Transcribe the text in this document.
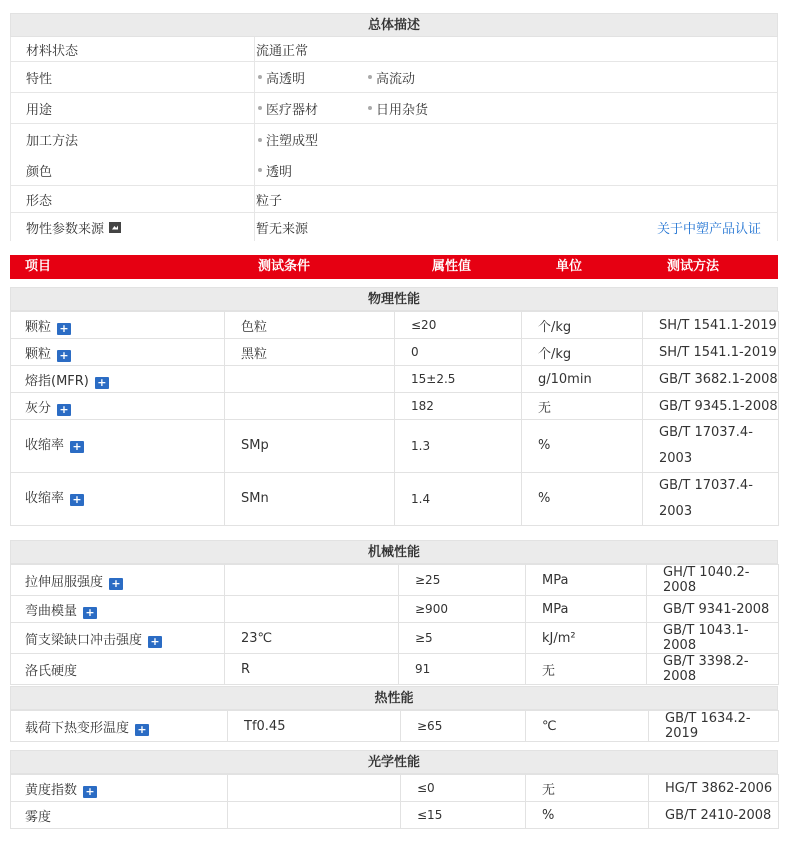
总体描述
材料状态	流通正常
特性	高透明	高流动
用途	医疗器材	日用杂货
加工方法	注塑成型
颜色	透明
形态	粒子
物性参数来源	暂无来源	关于中塑产品认证
项目	测试条件	属性值	单位	测试方法
物理性能
颗粒+	色粒	≤20	个/kg	SH/T 1541.1-2019
颗粒+	黑粒	0	个/kg	SH/T 1541.1-2019
熔指(MFR)+		15±2.5	g/10min	GB/T 3682.1-2008
灰分+		182	无	GB/T 9345.1-2008
收缩率+	SMp	1.3	%	GB/T 17037.4-2003
收缩率+	SMn	1.4	%	GB/T 17037.4-2003
机械性能
拉伸屈服强度+		≥25	MPa	GH/T 1040.2-2008
弯曲模量+		≥900	MPa	GB/T 9341-2008
简支梁缺口冲击强度+	23℃	≥5	kJ/m²	GB/T 1043.1-2008
洛氏硬度	R	91	无	GB/T 3398.2-2008
热性能
载荷下热变形温度+	Tf0.45	≥65	℃	GB/T 1634.2-2019
光学性能
黄度指数+		≤0	无	HG/T 3862-2006
雾度		≤15	%	GB/T 2410-2008
